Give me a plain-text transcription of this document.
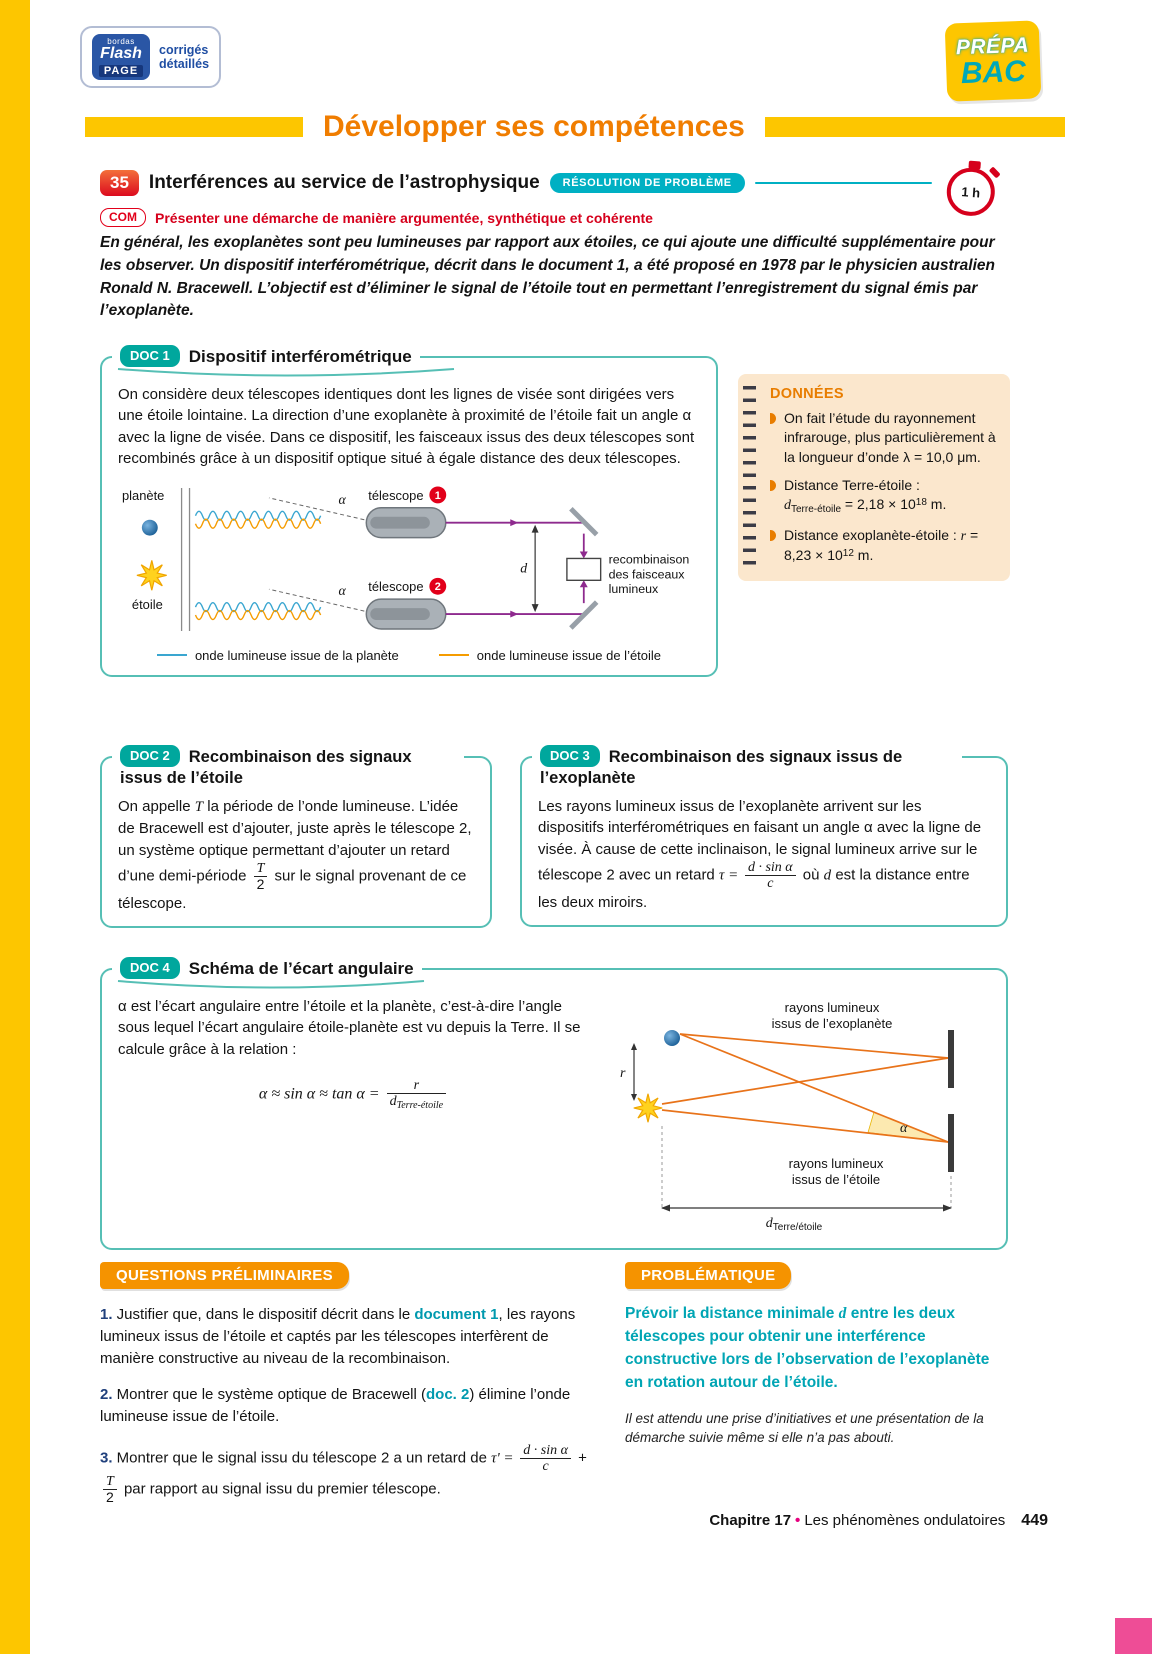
bordas
Flash
PAGE
corrigés
détaillés
PRÉPA
BAC
Développer ses compétences
35	Interférences au service de l’astrophysique	RÉSOLUTION DE PROBLÈME
1 h
COM	Présenter une démarche de manière argumentée, synthétique et cohérente

En général, les exoplanètes sont peu lumineuses par rapport aux étoiles, ce qui ajoute une difficulté supplémentaire pour les observer. Un dispositif interférométrique, décrit dans le document 1, a été proposé en 1978 par le physicien australien Ronald N. Bracewell. L’objectif est d’éliminer le signal de l’étoile tout en permettant l’enregistrement du signal émis par l’exoplanète.

DOC 1 Dispositif interférométrique

On considère deux télescopes identiques dont les lignes de visée sont dirigées vers une étoile lointaine. La direction d’une exoplanète à proximité de l’étoile fait un angle α avec la ligne de visée. Dans ce dispositif, les faisceaux issus des deux télescopes sont recombinés grâce à un dispositif optique situé à égale distance des deux télescopes.

planète
étoile
α
α
télescope 1
télescope 2
d
recombinaison
des faisceaux
lumineux
onde lumineuse issue de la planète	onde lumineuse issue de l’étoile
DONNÉES
On fait l’étude du rayonnement infrarouge, plus particulièrement à la longueur d’onde λ = 10,0 μm.
Distance Terre-étoile :
$d_{Terre-étoile} = 2,18 \times 10^{18}$ m.
Distance exoplanète-étoile : $r = 8,23 \times 10^{12}$ m.
DOC 2 Recombinaison des signaux issus de l’étoile

On appelle T la période de l’onde lumineuse. L’idée de Bracewell est d’ajouter, juste après le télescope 2, un système optique permettant d’ajouter un retard d’une demi-période $\frac{T}{2}$ sur le signal provenant de ce télescope.

DOC 3 Recombinaison des signaux issus de l’exoplanète

Les rayons lumineux issus de l’exoplanète arrivent sur les dispositifs interférométriques en faisant un angle α avec la ligne de visée. À cause de cette inclinaison, le signal lumineux arrive sur le télescope 2 avec un retard $\tau = \frac{\text{d · sin α}}{c}$ où d est la distance entre les deux miroirs.

DOC 4 Schéma de l’écart angulaire

α est l’écart angulaire entre l’étoile et la planète, c’est-à-dire l’angle sous lequel l’écart angulaire étoile-planète est vu depuis la Terre. Il se calcule grâce à la relation :

$\alpha \approx \sin \alpha \approx \tan \alpha = \frac{r}{d_{Terre-étoile}}$
rayons lumineux
issus de l’exoplanète
r
α
rayons lumineux
issus de l’étoile
$d_{Terre/étoile}$
QUESTIONS PRÉLIMINAIRES

1. Justifier que, dans le dispositif décrit dans le document 1, les rayons lumineux issus de l’étoile et captés par les télescopes interfèrent de manière constructive au niveau de la recombinaison.

2. Montrer que le système optique de Bracewell (doc. 2) élimine l’onde lumineuse issue de l’étoile.

3. Montrer que le signal issu du télescope 2 a un retard de $\tau' = \frac{\text{d · sin α}}{c}$ +
$\frac{T}{2}$ par rapport au signal issu du premier télescope.

PROBLÉMATIQUE

Prévoir la distance minimale d entre les deux télescopes pour obtenir une interférence constructive lors de l’observation de l’exoplanète en rotation autour de l’étoile.

Il est attendu une prise d’initiatives et une présentation de la démarche suivie même si elle n’a pas abouti.

Chapitre 17 • Les phénomènes ondulatoires 449
